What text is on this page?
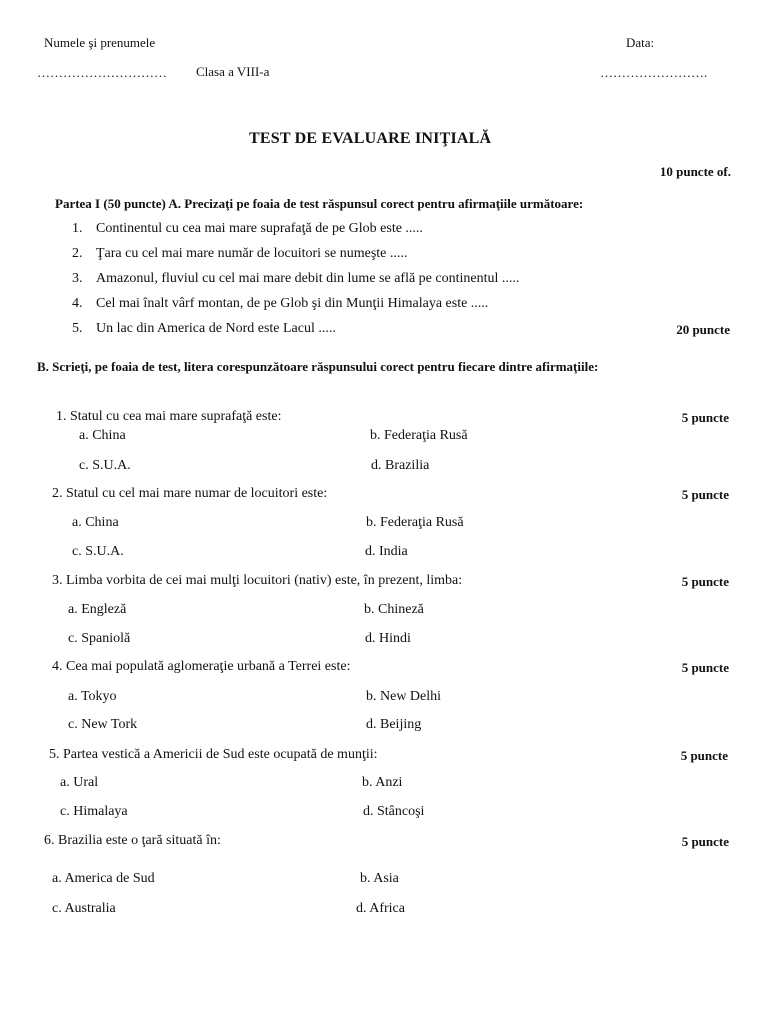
Numele şi prenumele	Data:
………………………… Clasa a VIII-a	…………………….
TEST DE EVALUARE INIŢIALĂ
10 puncte of.
Partea I (50 puncte) A. Precizaţi pe foaia de test răspunsul corect pentru afirmaţiile următoare:
1. Continentul cu cea mai mare suprafaţă de pe Glob este .....
2. Ţara cu cel mai mare număr de locuitori se numeşte .....
3. Amazonul, fluviul cu cel mai mare debit din lume se află pe continentul .....
4. Cel mai înalt vârf montan, de pe Glob şi din Munţii Himalaya este .....
5. Un lac din America de Nord este Lacul .....	20 puncte
B. Scrieţi, pe foaia de test, litera corespunzătoare răspunsului corect pentru fiecare dintre afirmaţiile:
1. Statul cu cea mai mare suprafaţă este:	5 puncte
a. China	b. Federaţia Rusă
c. S.U.A.	d. Brazilia
2. Statul cu cel mai mare numar de locuitori este:	5 puncte
a. China	b. Federaţia Rusă
c. S.U.A.	d. India
3. Limba vorbita de cei mai mulţi locuitori (nativ) este, în prezent, limba:	5 puncte
a. Engleză	b. Chineză
c. Spaniolă	d. Hindi
4. Cea mai populată aglomeraţie urbană a Terrei este:	5 puncte
a. Tokyo	b. New Delhi
c. New Tork	d. Beijing
5. Partea vestică a Americii de Sud este ocupată de munţii:	5 puncte
a. Ural	b. Anzi
c. Himalaya	d. Stâncoşi
6. Brazilia este o ţară situată în:	5 puncte
a. America de Sud	b. Asia
c. Australia	d. Africa
